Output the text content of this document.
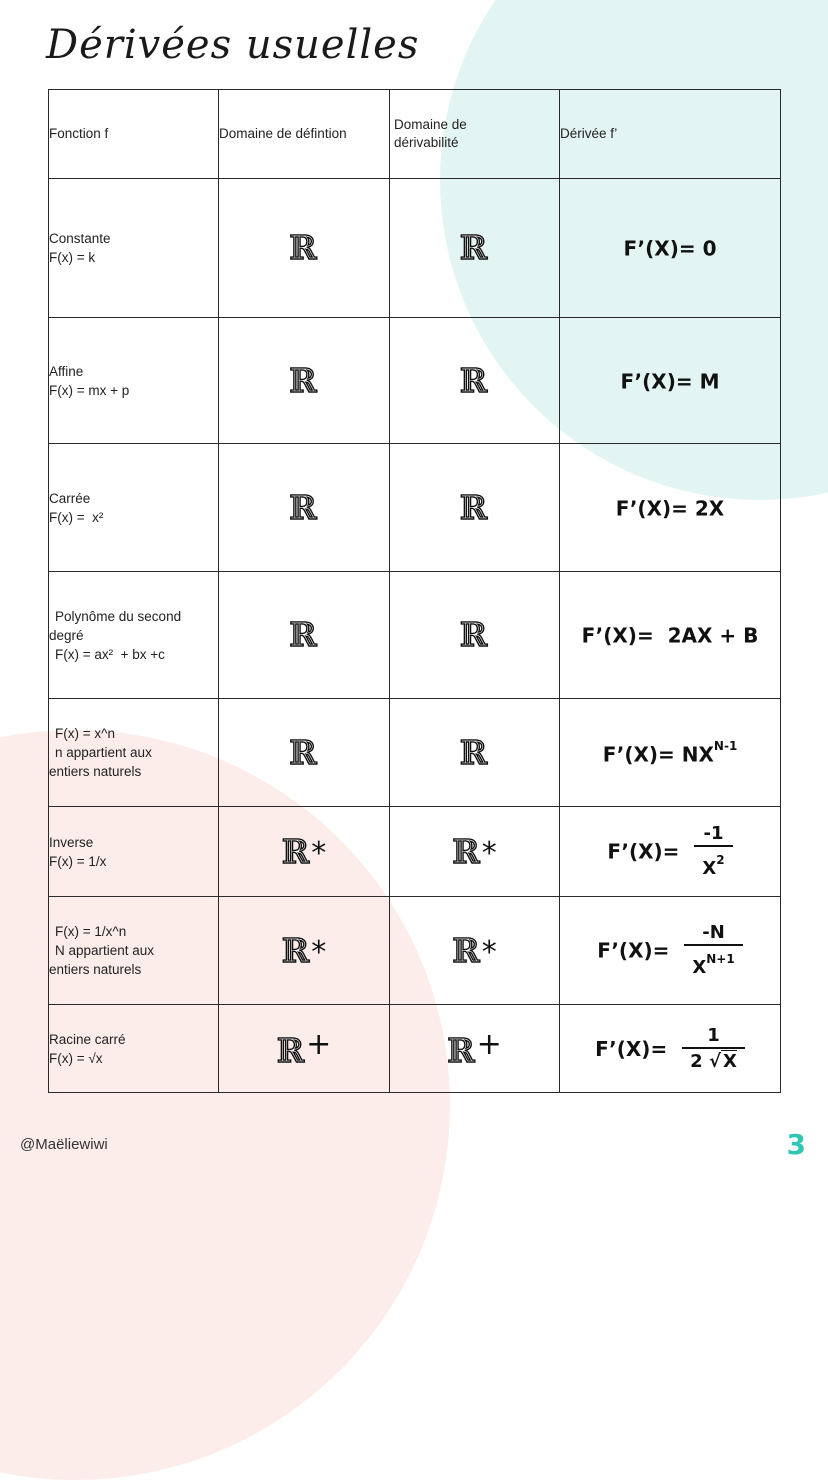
Dérivées usuelles
Fonction f	Domaine de défintion	Domaine de
dérivabilité	Dérivée f’

Constante
F(x) = k	ℝ	ℝ	F’(X)= 0

Affine
F(x) = mx + p	ℝ	ℝ	F’(X)= M

Carrée
F(x) =  x²	ℝ	ℝ	F’(X)= 2X

Polynôme du second
degré
F(x) = ax²  + bx +c	ℝ	ℝ	F’(X)= 2AX + B

F(x) = x^n
n appartient aux
entiers naturels	ℝ	ℝ	F’(X)= $NX^{N-1}$

Inverse
F(x) = 1/x	ℝ*	ℝ*	F’(X)= $\frac{-1}{X^2}$

F(x) = 1/x^n
N appartient aux
entiers naturels	ℝ*	ℝ*	F’(X)= $\frac{-N}{X^{N+1}}$

Racine carré
F(x) = √x	ℝ+	ℝ+	F’(X)= $\frac{1}{2 √ X}$
@Maëliewiwi	3
